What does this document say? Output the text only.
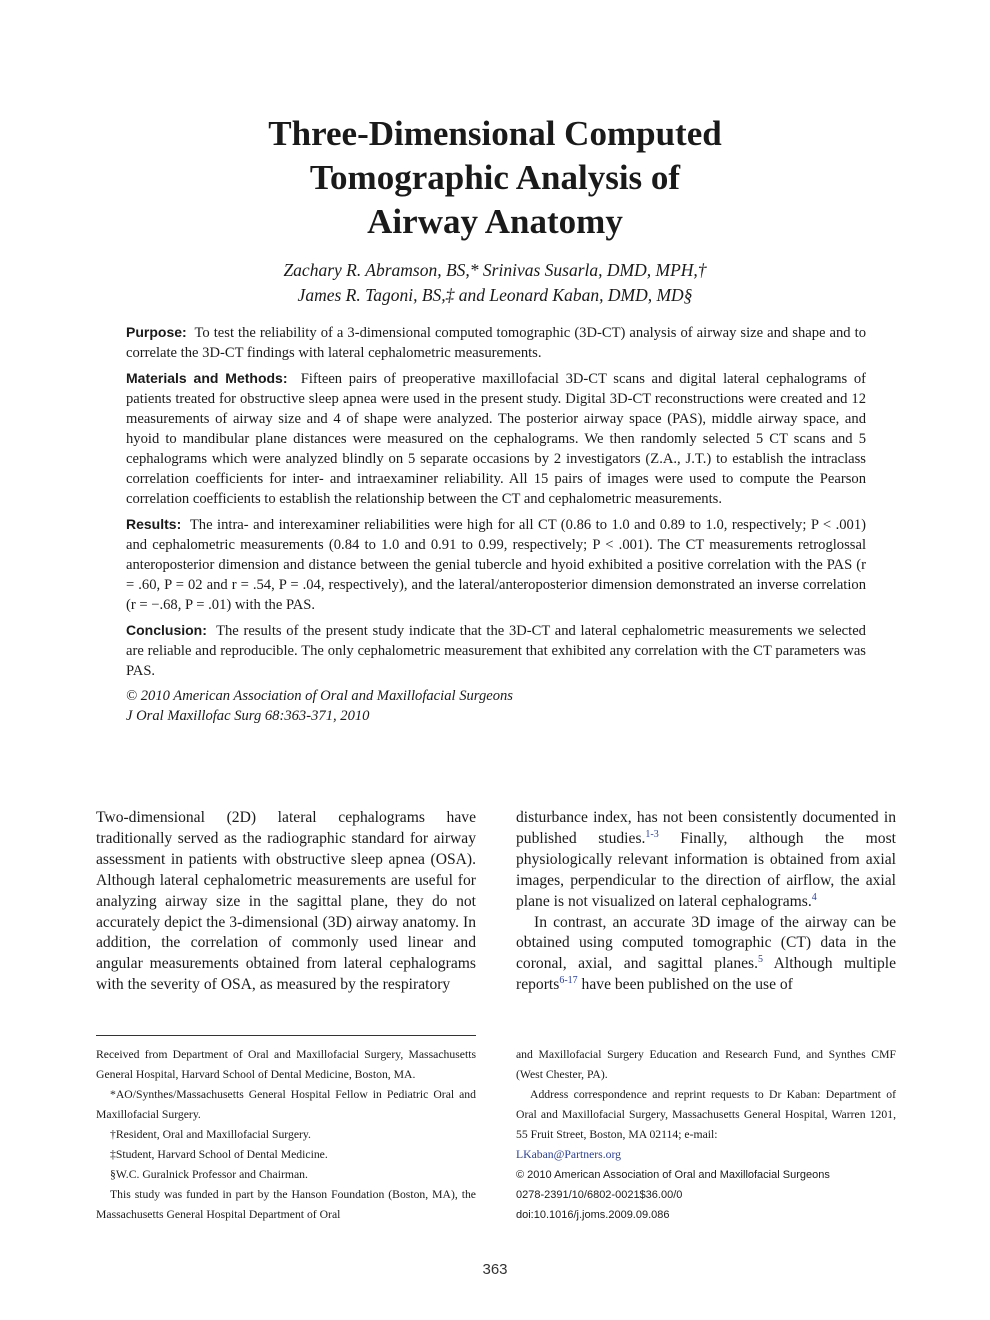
Three-Dimensional Computed
Tomographic Analysis of
Airway Anatomy
Zachary R. Abramson, BS,* Srinivas Susarla, DMD, MPH,†
James R. Tagoni, BS,‡ and Leonard Kaban, DMD, MD§

Purpose: To test the reliability of a 3-dimensional computed tomographic (3D-CT) analysis of airway size and shape and to correlate the 3D-CT findings with lateral cephalometric measurements.

Materials and Methods: Fifteen pairs of preoperative maxillofacial 3D-CT scans and digital lateral cephalograms of patients treated for obstructive sleep apnea were used in the present study. Digital 3D-CT reconstructions were created and 12 measurements of airway size and 4 of shape were analyzed. The posterior airway space (PAS), middle airway space, and hyoid to mandibular plane distances were measured on the cephalograms. We then randomly selected 5 CT scans and 5 cephalograms which were analyzed blindly on 5 separate occasions by 2 investigators (Z.A., J.T.) to establish the intraclass correlation coefficients for inter- and intraexaminer reliability. All 15 pairs of images were used to compute the Pearson correlation coefficients to establish the relationship between the CT and cephalometric measurements.

Results: The intra- and interexaminer reliabilities were high for all CT (0.86 to 1.0 and 0.89 to 1.0, respectively; P < .001) and cephalometric measurements (0.84 to 1.0 and 0.91 to 0.99, respectively; P < .001). The CT measurements retroglossal anteroposterior dimension and distance between the genial tubercle and hyoid exhibited a positive correlation with the PAS (r = .60, P = 02 and r = .54, P = .04, respectively), and the lateral/anteroposterior dimension demonstrated an inverse correlation (r = −.68, P = .01) with the PAS.

Conclusion: The results of the present study indicate that the 3D-CT and lateral cephalometric measurements we selected are reliable and reproducible. The only cephalometric measurement that exhibited any correlation with the CT parameters was PAS.

© 2010 American Association of Oral and Maxillofacial Surgeons

J Oral Maxillofac Surg 68:363-371, 2010

Two-dimensional (2D) lateral cephalograms have traditionally served as the radiographic standard for airway assessment in patients with obstructive sleep apnea (OSA). Although lateral cephalometric measurements are useful for analyzing airway size in the sagittal plane, they do not accurately depict the 3-dimensional (3D) airway anatomy. In addition, the correlation of commonly used linear and angular measurements obtained from lateral cephalograms with the severity of OSA, as measured by the respiratory

disturbance index, has not been consistently documented in published studies.$^{1-3}$ Finally, although the most physiologically relevant information is obtained from axial images, perpendicular to the direction of airflow, the axial plane is not visualized on lateral cephalograms.$^4$

In contrast, an accurate 3D image of the airway can be obtained using computed tomographic (CT) data in the coronal, axial, and sagittal planes.$^5$ Although multiple reports$^{6-17}$ have been published on the use of

Received from Department of Oral and Maxillofacial Surgery, Massachusetts General Hospital, Harvard School of Dental Medicine, Boston, MA.

*AO/Synthes/Massachusetts General Hospital Fellow in Pediatric Oral and Maxillofacial Surgery.

†Resident, Oral and Maxillofacial Surgery.

‡Student, Harvard School of Dental Medicine.

§W.C. Guralnick Professor and Chairman.

This study was funded in part by the Hanson Foundation (Boston, MA), the Massachusetts General Hospital Department of Oral

and Maxillofacial Surgery Education and Research Fund, and Synthes CMF (West Chester, PA).

Address correspondence and reprint requests to Dr Kaban: Department of Oral and Maxillofacial Surgery, Massachusetts General Hospital, Warren 1201, 55 Fruit Street, Boston, MA 02114; e-mail:

LKaban@Partners.org

© 2010 American Association of Oral and Maxillofacial Surgeons

0278-2391/10/6802-0021$36.00/0

doi:10.1016/j.joms.2009.09.086

363
